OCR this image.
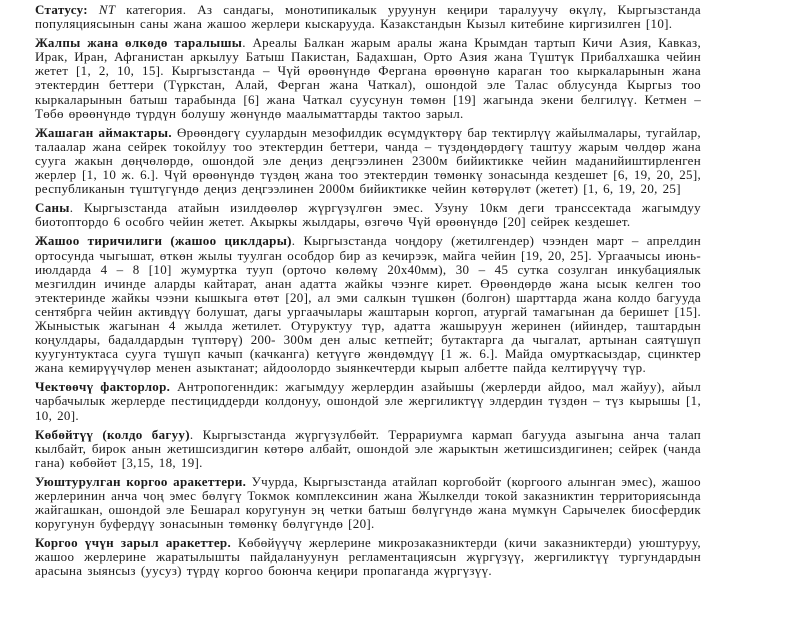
Статусу: NT категория. Аз сандагы, монотипикалык уруунун кеңири таралуучу өкүлү, Кыргызстанда популяциясынын саны жана жашоо жерлери кыскарууда. Казакстандын Кызыл китебине киргизилген [10].

Жалпы жана өлкөдө таралышы. Ареалы Балкан жарым аралы жана Крымдан тартып Кичи Азия, Кавказ, Ирак, Иран, Афганистан аркылуу Батыш Пакистан, Бадахшан, Орто Азия жана Түштүк Прибалхашка чейин жетет [1, 2, 10, 15]. Кыргызстанда – Чүй өрөөнүндө Фергана өрөөнүнө караган тоо кыркаларынын жана этектердин беттери (Түркстан, Алай, Ферган жана Чаткал), ошондой эле Талас облусунда Кыргыз тоо кыркаларынын батыш тарабында [6] жана Чаткал суусунун төмөн [19] жагында экени белгилүү. Кетмен – Төбө өрөөнүндө түрдүн болушу жөнүндө маалыматтарды тактоо зарыл.

Жашаган аймактары. Өрөөндөгү суулардын мезофилдик өсүмдүктөрү бар тектирлүү жайылмалары, тугайлар, талаалар жана сейрек токойлуу тоо этектердин беттери, чанда – түздөңдөрдөгү таштуу жарым чөлдөр жана сууга жакын дөңчөлөрдө, ошондой эле деңиз деңгээлинен 2300м бийиктикке чейин маданийиштирленген жерлер [1, 10 ж. 6.]. Чүй өрөөнүндө түздөң жана тоо этектердин төмөнкү зонасында кездешет [6, 19, 20, 25], республиканын түштүгүндө деңиз деңгээлинен 2000м бийиктикке чейин көтөрүлөт (жетет) [1, 6, 19, 20, 25]

Саны. Кыргызстанда атайын изилдөөлөр жүргүзүлгөн эмес. Узуну 10км деги транссектада жагымдуу биотоптордо 6 особго чейин жетет. Акыркы жылдары, өзгөчө Чүй өрөөнүндө [20] сейрек кездешет.

Жашоо тиричилиги (жашоо циклдары). Кыргызстанда чоңдору (жетилгендер) чээнден март – апрелдин ортосунда чыгышат, өткөн жылы туулган особдор бир аз кечирээк, майга чейин [19, 20, 25]. Ургаачысы июнь-июлдарда 4 – 8 [10] жумуртка тууп (орточо көлөмү 20х40мм), 30 – 45 сутка созулган инкубациялык мезгилдин ичинде аларды кайтарат, анан адатта жайкы чээнге кирет. Өрөөндөрдө жана ысык келген тоо этектеринде жайкы чээни кышкыга өтөт [20], ал эми салкын түшкөн (болгон) шарттарда жана колдо багууда сентябрга чейин активдүү болушат, дагы ургаачылары жаштарын коргоп, атургай тамагынан да беришет [15]. Жыныстык жагынан 4 жылда жетилет. Отуруктуу түр, адатта жашыруун жеринен (ийиндер, таштардын коңулдары, бадалдардын түптөрү) 200- 300м ден алыс кетпейт; бутактарга да чыгалат, артынан саятүшүп куугунтуктаса сууга түшүп качып (качканга) кетүүгө жөндөмдүү [1 ж. 6.]. Майда омурткасыздар, сцинктер жана кемирүүчүлөр менен азыктанат; айдоолордо зыянкечтерди кырып албетте пайда келтирүүчү түр.

Чектөөчү факторлор. Антропогенндик: жагымдуу жерлердин азайышы (жерлерди айдоо, мал жайуу), айыл чарбачылык жерлерде пестициддерди колдонуу, ошондой эле жергиликтүү элдердин түздөн – түз кырышы [1, 10, 20].

Көбөйтүү (колдо багуу). Кыргызстанда жүргүзүлбөйт. Террариумга кармап багууда азыгына анча талап кылбайт, бирок анын жетишсиздигин көтөрө албайт, ошондой эле жарыктын жетишсиздигинен; сейрек (чанда гана) көбөйөт [3,15, 18, 19].

Уюштурулган коргоо аракеттери. Учурда, Кыргызстанда атайлап коргобойт (коргоого алынган эмес), жашоо жерлеринин анча чоң эмес бөлүгү Токмок комплексинин жана Жылкелди токой заказниктин территориясында жайгашкан, ошондой эле Бешарал коругунун эң четки батыш бөлүгүндө жана мүмкүн Сарычелек биосфердик коругунун буфердүү зонасынын төмөнкү бөлүгүндө [20].

Коргоо үчүн зарыл аракеттер. Көбөйүүчү жерлерине микрозаказниктерди (кичи заказниктерди) уюштуруу, жашоо жерлерине жаратылышты пайдалануунун регламентациясын жүргүзүү, жергиликтүү тургундардын арасына зыянсыз (уусуз) түрдү коргоо боюнча кеңири пропаганда жүргүзүү.
